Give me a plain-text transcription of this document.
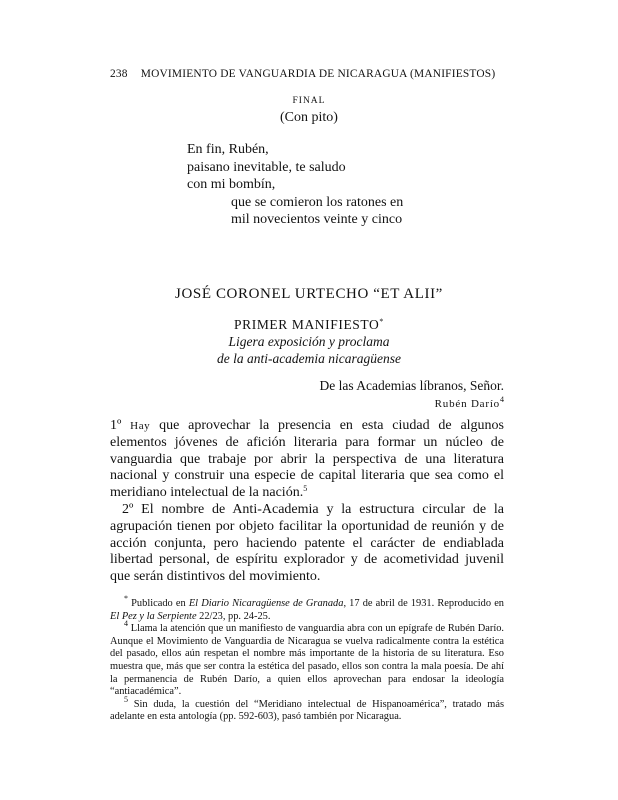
238 MOVIMIENTO DE VANGUARDIA DE NICARAGUA (MANIFIESTOS)
FINAL
(Con pito)
En fin, Rubén,
paisano inevitable, te saludo
con mi bombín,
que se comieron los ratones en
mil novecientos veinte y cinco
JOSÉ CORONEL URTECHO “ET ALII”
PRIMER MANIFIESTO*
Ligera exposición y proclama
de la anti-academia nicaragüense
De las Academias líbranos, Señor.
Rubén Darío$^4$

1º Hay que aprovechar la presencia en esta ciudad de algunos elementos jóvenes de afición literaria para formar un núcleo de vanguardia que trabaje por abrir la perspectiva de una literatura nacional y construir una especie de capital literaria que sea como el meridiano intelectual de la nación.$^5$

2º El nombre de Anti-Academia y la estructura circular de la agrupación tienen por objeto facilitar la oportunidad de reunión y de acción conjunta, pero haciendo patente el carácter de endiablada libertad personal, de espíritu explorador y de acometividad juvenil que serán distintivos del movimiento.

* Publicado en El Diario Nicaragüense de Granada, 17 de abril de 1931. Reproducido en El Pez y la Serpiente 22/23, pp. 24-25.

$^4$ Llama la atención que un manifiesto de vanguardia abra con un epígrafe de Rubén Darío. Aunque el Movimiento de Vanguardia de Nicaragua se vuelva radicalmente contra la estética del pasado, ellos aún respetan el nombre más importante de la historia de su literatura. Eso muestra que, más que ser contra la estética del pasado, ellos son contra la mala poesía. De ahí la permanencia de Rubén Darío, a quien ellos aprovechan para endosar la ideología “antiacadémica”.

$^5$ Sin duda, la cuestión del “Meridiano intelectual de Hispanoamérica”, tratado más adelante en esta antología (pp. 592-603), pasó también por Nicaragua.
